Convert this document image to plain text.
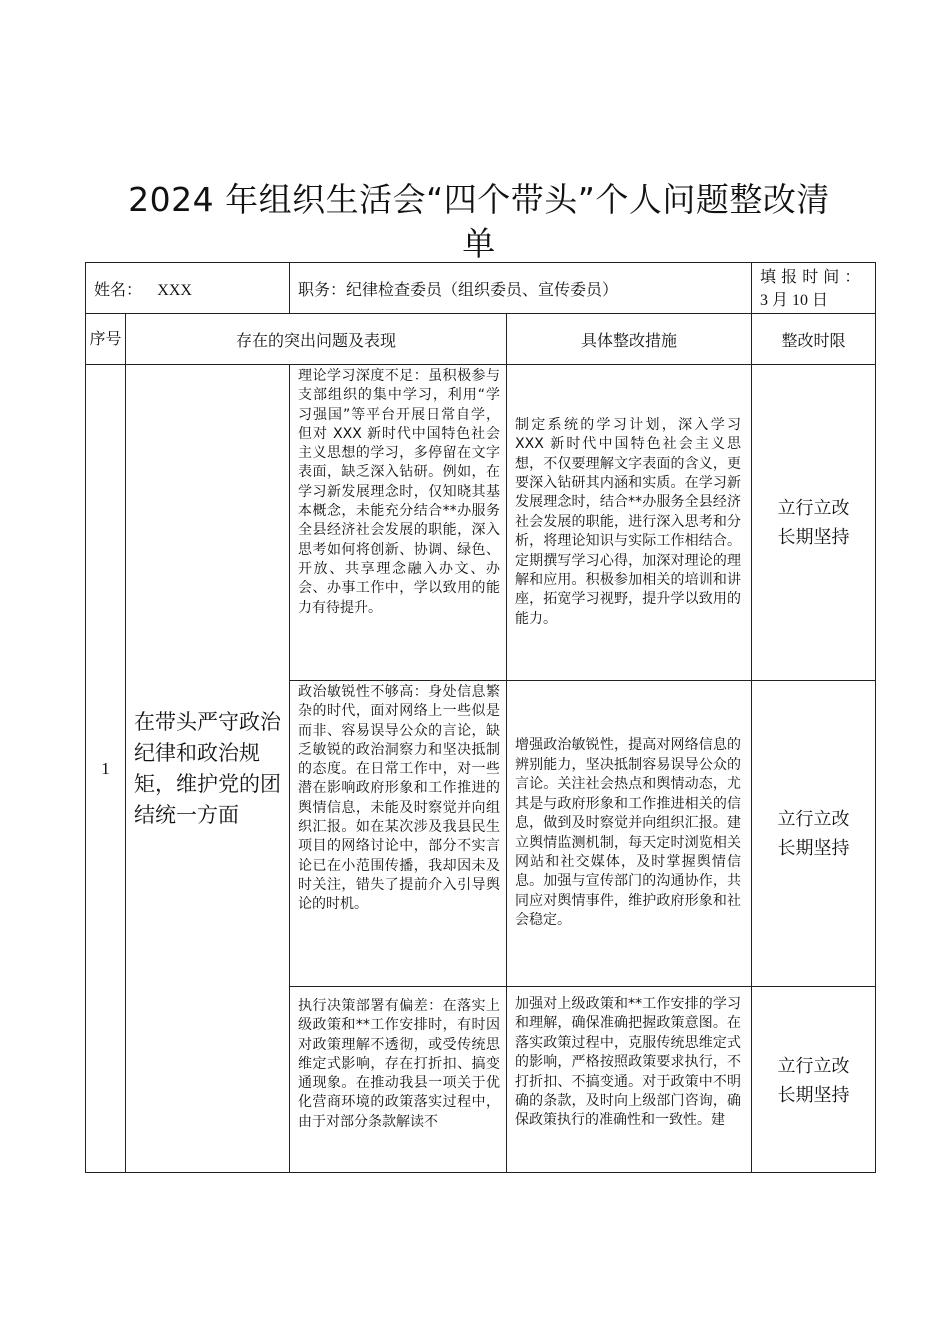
2024 年组织生活会“四个带头”个人问题整改清
单
姓名： XXX		职务：纪律检查委员（组织委员、宣传委员）		填 报 时 间 ：
3 月 10 日

序号	存在的突出问题及表现		具体整改措施	整改时限
1	在带头严守政治纪律和政治规矩，维护党的团结统一方面	理论学习深度不足：虽积极参与支部组织的集中学习，利用“学习强国”等平台开展日常自学，但对 XXX 新时代中国特色社会主义思想的学习，多停留在文字表面，缺乏深入钻研。例如，在学习新发展理念时，仅知晓其基本概念，未能充分结合**办服务全县经济社会发展的职能，深入思考如何将创新、协调、绿色、开放、共享理念融入办文、办会、办事工作中，学以致用的能力有待提升。	制定系统的学习计划，深入学习 XXX 新时代中国特色社会主义思想，不仅要理解文字表面的含义，更要深入钻研其内涵和实质。在学习新发展理念时，结合**办服务全县经济社会发展的职能，进行深入思考和分析，将理论知识与实际工作相结合。定期撰写学习心得，加深对理论的理解和应用。积极参加相关的培训和讲座，拓宽学习视野，提升学以致用的能力。	立行立改
长期坚持

		政治敏锐性不够高：身处信息繁杂的时代，面对网络上一些似是而非、容易误导公众的言论，缺乏敏锐的政治洞察力和坚决抵制的态度。在日常工作中，对一些潜在影响政府形象和工作推进的舆情信息，未能及时察觉并向组织汇报。如在某次涉及我县民生项目的网络讨论中，部分不实言论已在小范围传播，我却因未及时关注，错失了提前介入引导舆论的时机。	增强政治敏锐性，提高对网络信息的辨别能力，坚决抵制容易误导公众的言论。关注社会热点和舆情动态，尤其是与政府形象和工作推进相关的信息，做到及时察觉并向组织汇报。建立舆情监测机制，每天定时浏览相关网站和社交媒体，及时掌握舆情信息。加强与宣传部门的沟通协作，共同应对舆情事件，维护政府形象和社会稳定。	立行立改
长期坚持

		执行决策部署有偏差：在落实上级政策和**工作安排时，有时因对政策理解不透彻，或受传统思维定式影响，存在打折扣、搞变通现象。在推动我县一项关于优化营商环境的政策落实过程中，由于对部分条款解读不	加强对上级政策和**工作安排的学习和理解，确保准确把握政策意图。在落实政策过程中，克服传统思维定式的影响，严格按照政策要求执行，不打折扣、不搞变通。对于政策中不明确的条款，及时向上级部门咨询，确保政策执行的准确性和一致性。建	立行立改
长期坚持
